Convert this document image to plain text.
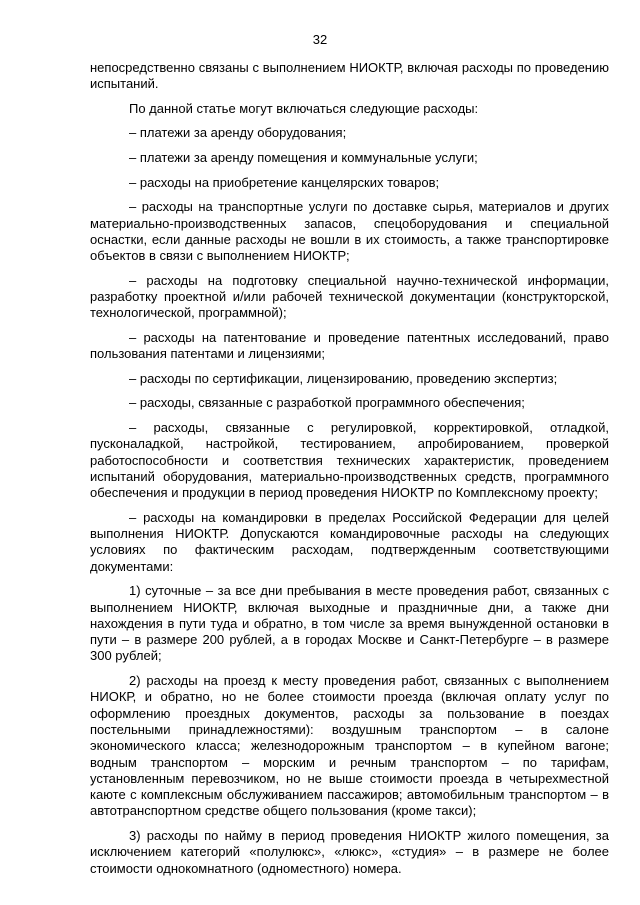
32

непосредственно связаны с выполнением НИОКТР, включая расходы по проведению испытаний.

По данной статье могут включаться следующие расходы:

– платежи за аренду оборудования;

– платежи за аренду помещения и коммунальные услуги;

– расходы на приобретение канцелярских товаров;

– расходы на транспортные услуги по доставке сырья, материалов и других материально-производственных запасов, спецоборудования и специальной оснастки, если данные расходы не вошли в их стоимость, а также транспортировке объектов в связи с выполнением НИОКТР;

– расходы на подготовку специальной научно-технической информации, разработку проектной и/или рабочей технической документации (конструкторской, технологической, программной);

– расходы на патентование и проведение патентных исследований, право пользования патентами и лицензиями;

– расходы по сертификации, лицензированию, проведению экспертиз;

– расходы, связанные с разработкой программного обеспечения;

– расходы, связанные с регулировкой, корректировкой, отладкой, пусконаладкой, настройкой, тестированием, апробированием, проверкой работоспособности и соответствия технических характеристик, проведением испытаний оборудования, материально-производственных средств, программного обеспечения и продукции в период проведения НИОКТР по Комплексному проекту;

– расходы на командировки в пределах Российской Федерации для целей выполнения НИОКТР. Допускаются командировочные расходы на следующих условиях по фактическим расходам, подтвержденным соответствующими документами:

1) суточные – за все дни пребывания в месте проведения работ, связанных с выполнением НИОКТР, включая выходные и праздничные дни, а также дни нахождения в пути туда и обратно, в том числе за время вынужденной остановки в пути – в размере 200 рублей, а в городах Москве и Санкт-Петербурге – в размере 300 рублей;

2) расходы на проезд к месту проведения работ, связанных с выполнением НИОКР, и обратно, но не более стоимости проезда (включая оплату услуг по оформлению проездных документов, расходы за пользование в поездах постельными принадлежностями): воздушным транспортом – в салоне экономического класса; железнодорожным транспортом – в купейном вагоне; водным транспортом – морским и речным транспортом – по тарифам, установленным перевозчиком, но не выше стоимости проезда в четырехместной каюте с комплексным обслуживанием пассажиров; автомобильным транспортом – в автотранспортном средстве общего пользования (кроме такси);

3) расходы по найму в период проведения НИОКТР жилого помещения, за исключением категорий «полулюкс», «люкс», «студия» – в размере не более стоимости однокомнатного (одноместного) номера.
